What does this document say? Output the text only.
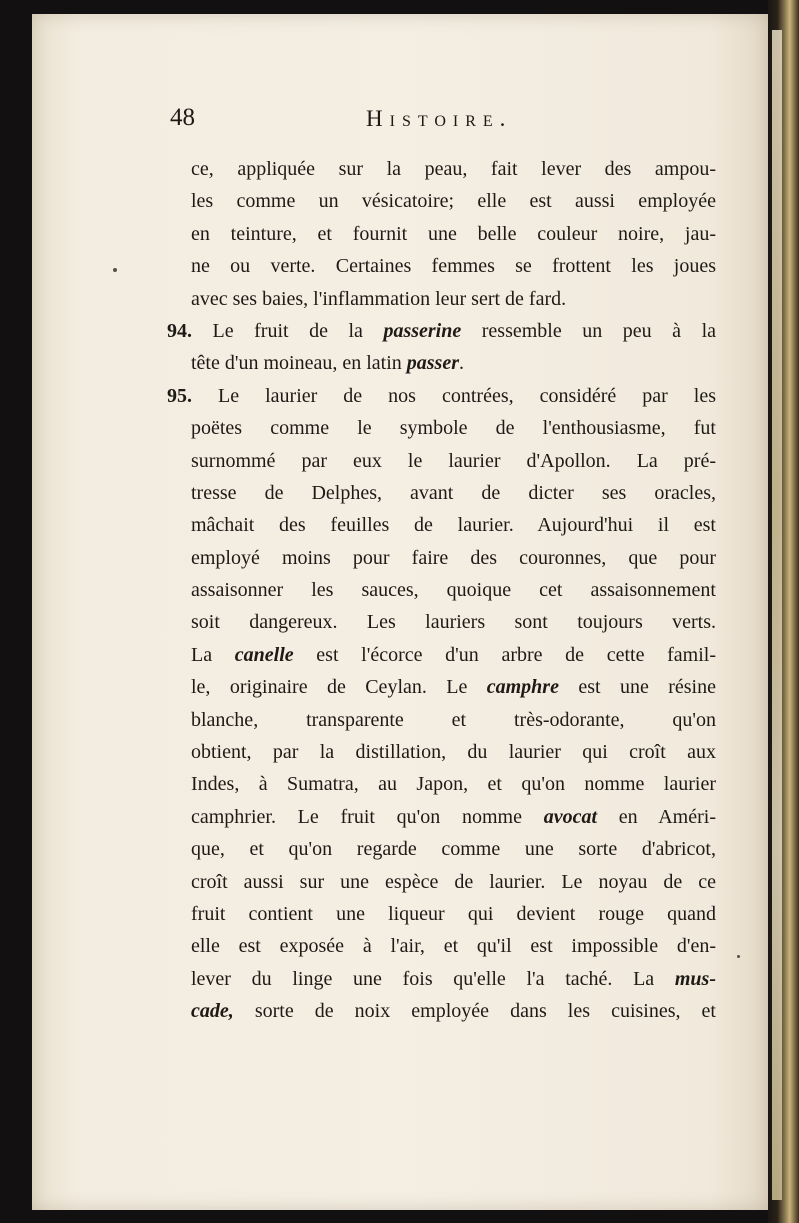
48	Histoire.
ce, appliquée sur la peau, fait lever des ampou-
les comme un vésicatoire; elle est aussi employée
en teinture, et fournit une belle couleur noire, jau-
ne ou verte. Certaines femmes se frottent les joues
avec ses baies, l'inflammation leur sert de fard.
94. Le fruit de la passerine ressemble un peu à la
tête d'un moineau, en latin passer.
95. Le laurier de nos contrées, considéré par les
poëtes comme le symbole de l'enthousiasme, fut
surnommé par eux le laurier d'Apollon. La pré-
tresse de Delphes, avant de dicter ses oracles,
mâchait des feuilles de laurier. Aujourd'hui il est
employé moins pour faire des couronnes, que pour
assaisonner les sauces, quoique cet assaisonnement
soit dangereux. Les lauriers sont toujours verts.
La canelle est l'écorce d'un arbre de cette famil-
le, originaire de Ceylan. Le camphre est une résine
blanche, transparente et très-odorante, qu'on
obtient, par la distillation, du laurier qui croît aux
Indes, à Sumatra, au Japon, et qu'on nomme laurier
camphrier. Le fruit qu'on nomme avocat en Améri-
que, et qu'on regarde comme une sorte d'abricot,
croît aussi sur une espèce de laurier. Le noyau de ce
fruit contient une liqueur qui devient rouge quand
elle est exposée à l'air, et qu'il est impossible d'en-
lever du linge une fois qu'elle l'a taché. La mus-
cade, sorte de noix employée dans les cuisines, et
